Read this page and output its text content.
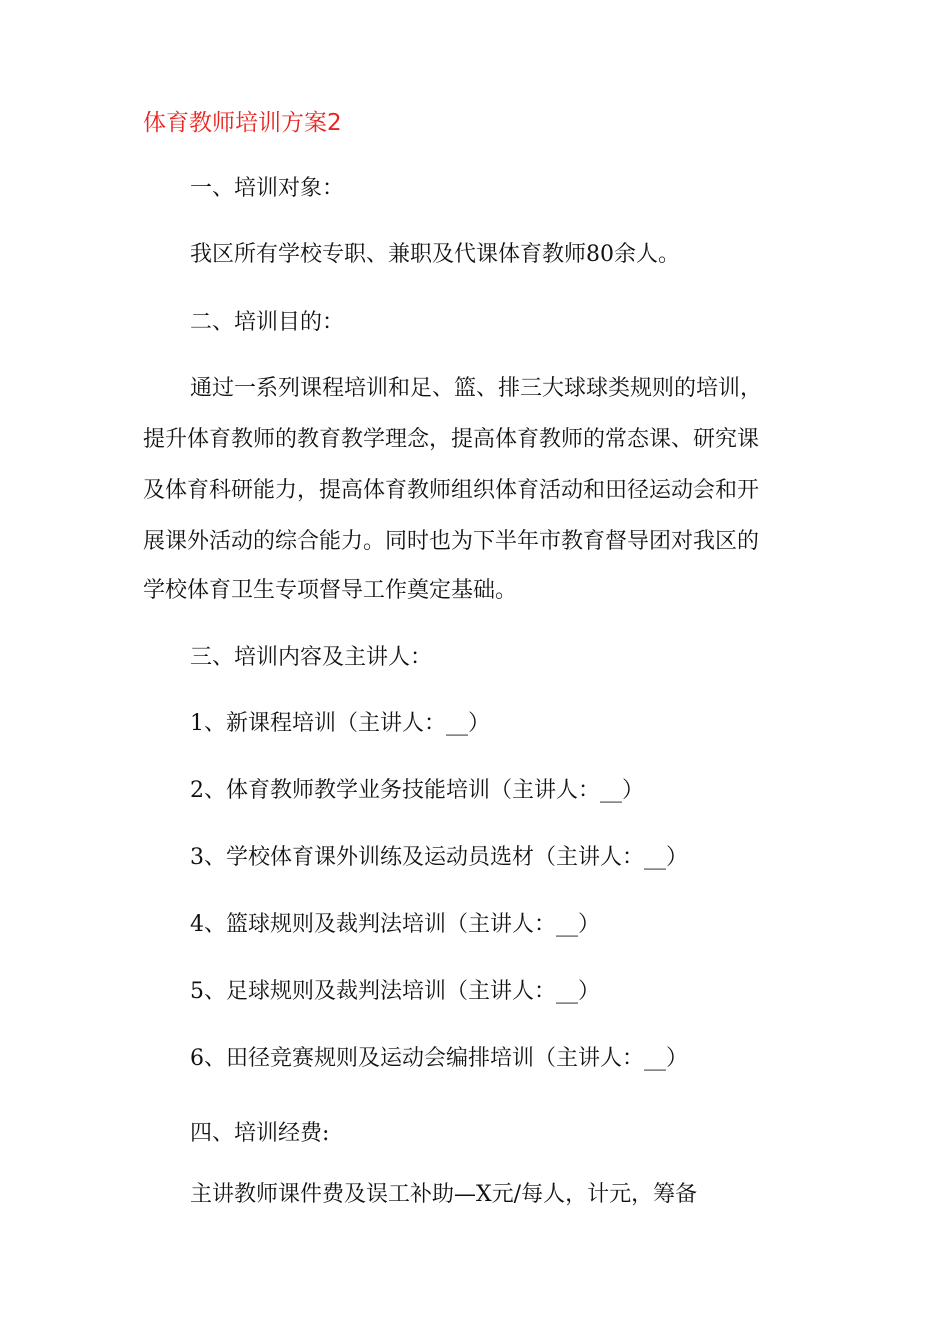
体育教师培训方案2
一、培训对象：
我区所有学校专职、兼职及代课体育教师80余人。
二、培训目的：
通过一系列课程培训和足、篮、排三大球球类规则的培训，
提升体育教师的教育教学理念，提高体育教师的常态课、研究课
及体育科研能力，提高体育教师组织体育活动和田径运动会和开
展课外活动的综合能力。同时也为下半年市教育督导团对我区的
学校体育卫生专项督导工作奠定基础。
三、培训内容及主讲人：
1、新课程培训（主讲人：__）
2、体育教师教学业务技能培训（主讲人：__）
3、学校体育课外训练及运动员选材（主讲人：__）
4、篮球规则及裁判法培训（主讲人：__）
5、足球规则及裁判法培训（主讲人：__）
6、田径竞赛规则及运动会编排培训（主讲人：__）
四、培训经费:
主讲教师课件费及误工补助—X元/每人，计元，筹备
